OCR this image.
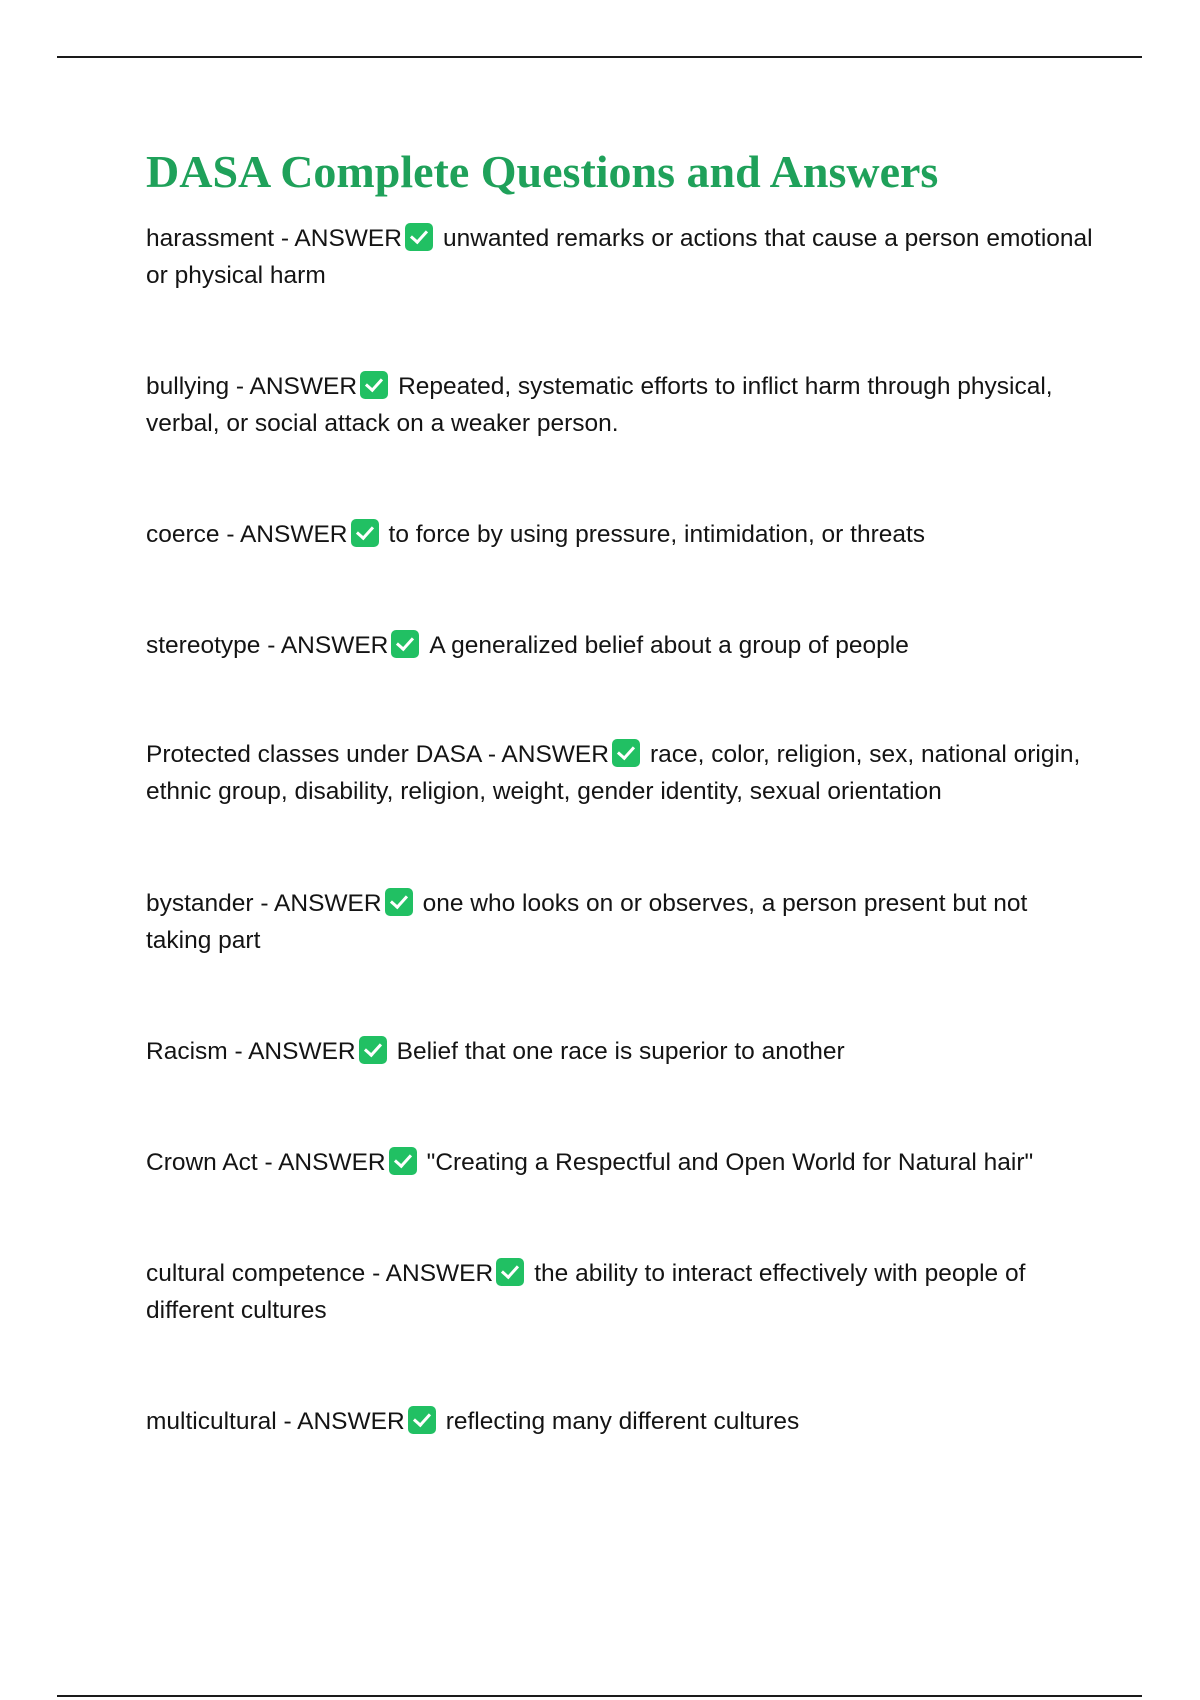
DASA Complete Questions and Answers

harassment - ANSWER unwanted remarks or actions that cause a person emotional or physical harm

bullying - ANSWER Repeated, systematic efforts to inflict harm through physical, verbal, or social attack on a weaker person.

coerce - ANSWER to force by using pressure, intimidation, or threats

stereotype - ANSWER A generalized belief about a group of people

Protected classes under DASA - ANSWER race, color, religion, sex, national origin, ethnic group, disability, religion, weight, gender identity, sexual orientation

bystander - ANSWER one who looks on or observes, a person present but not taking part

Racism - ANSWER Belief that one race is superior to another

Crown Act - ANSWER "Creating a Respectful and Open World for Natural hair"

cultural competence - ANSWER the ability to interact effectively with people of different cultures

multicultural - ANSWER reflecting many different cultures
